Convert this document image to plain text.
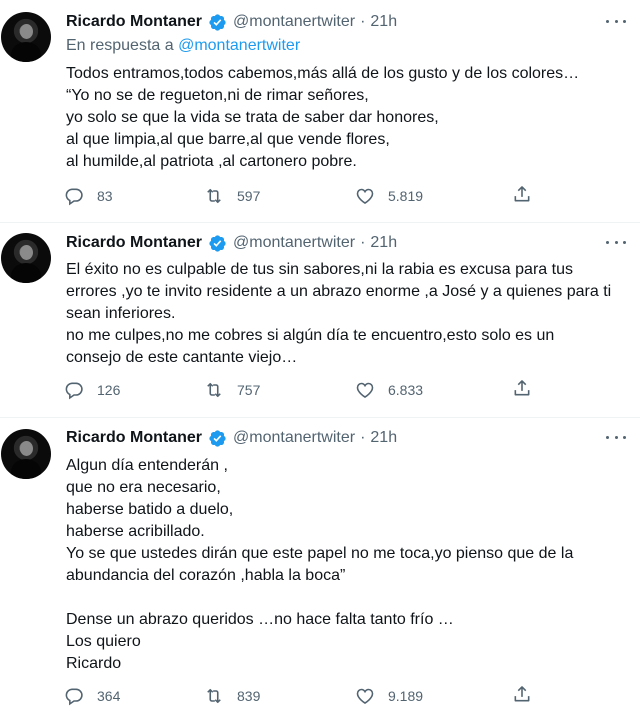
Ricardo Montaner @montanertwiter · 21h
En respuesta a @montanertwiter

Todos entramos,todos cabemos,más allá de los gusto y de los colores…

“Yo no se de regueton,ni de rimar señores,

yo solo se que la vida se trata de saber dar honores,

al que limpia,al que barre,al que vende flores,

al humilde,al patriota ,al cartonero pobre.

83	597	5.819
Ricardo Montaner @montanertwiter · 21h

El éxito no es culpable de tus sin sabores,ni la rabia es excusa para tus

errores ,yo te invito residente a un abrazo enorme ,a José y a quienes para ti

sean inferiores.

no me culpes,no me cobres si algún día te encuentro,esto solo es un

consejo de este cantante viejo…

126	757	6.833
Ricardo Montaner @montanertwiter · 21h

Algun día entenderán ,

que no era necesario,

haberse batido a duelo,

haberse acribillado.

Yo se que ustedes dirán que este papel no me toca,yo pienso que de la

abundancia del corazón ,habla la boca”

Dense un abrazo queridos …no hace falta tanto frío …

Los quiero

Ricardo

364	839	9.189
